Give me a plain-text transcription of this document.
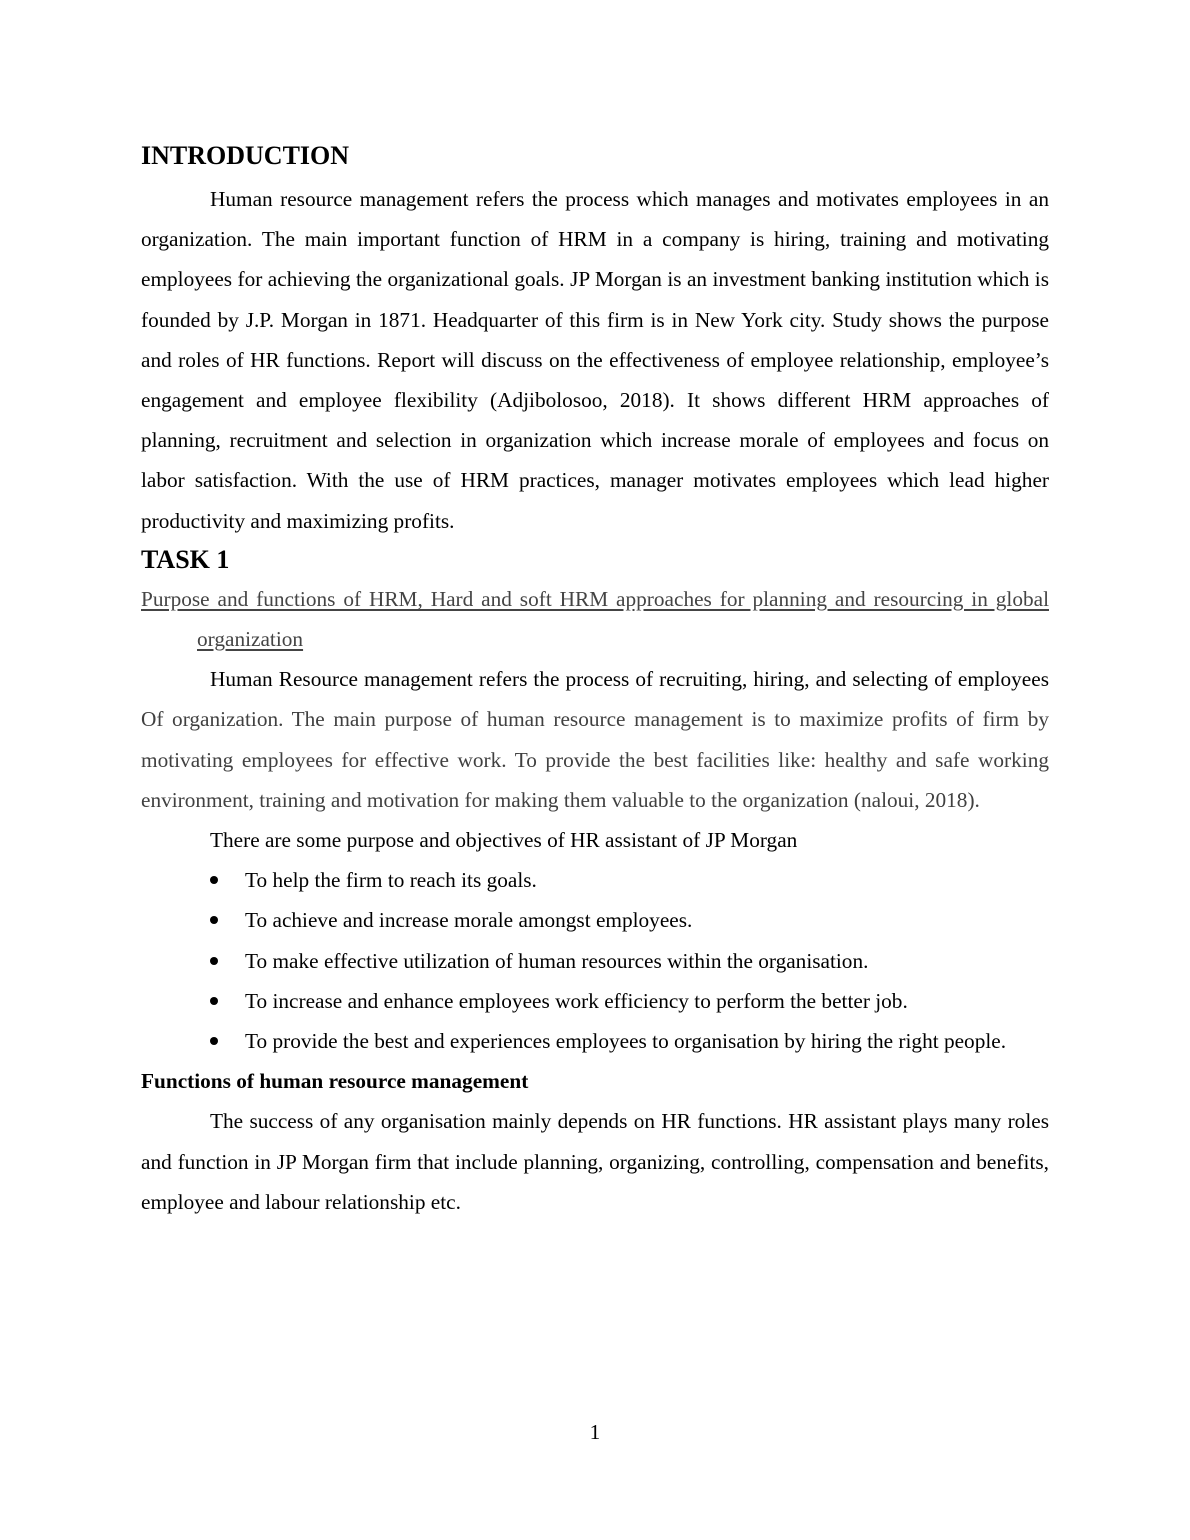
INTRODUCTION

Human resource management refers the process which manages and motivates employees in an organization. The main important function of HRM in a company is hiring, training and motivating employees for achieving the organizational goals. JP Morgan is an investment banking institution which is founded by J.P. Morgan in 1871. Headquarter of this firm is in New York city. Study shows the purpose and roles of HR functions. Report will discuss on the effectiveness of employee relationship, employee’s engagement and employee flexibility (Adjibolosoo, 2018). It shows different HRM approaches of planning, recruitment and selection in organization which increase morale of employees and focus on labor satisfaction. With the use of HRM practices, manager motivates employees which lead higher productivity and maximizing profits.

TASK 1

Purpose and functions of HRM, Hard and soft HRM approaches for planning and resourcing in global organization

Human Resource management refers the process of recruiting, hiring, and selecting of employees Of organization. The main purpose of human resource management is to maximize profits of firm by motivating employees for effective work. To provide the best facilities like: healthy and safe working environment, training and motivation for making them valuable to the organization (naloui, 2018).

There are some purpose and objectives of HR assistant of JP Morgan

To help the firm to reach its goals.
To achieve and increase morale amongst employees.
To make effective utilization of human resources within the organisation.
To increase and enhance employees work efficiency to perform the better job.
To provide the best and experiences employees to organisation by hiring the right people.

Functions of human resource management

The success of any organisation mainly depends on HR functions. HR assistant plays many roles and function in JP Morgan firm that include planning, organizing, controlling, compensation and benefits, employee and labour relationship etc.

1
